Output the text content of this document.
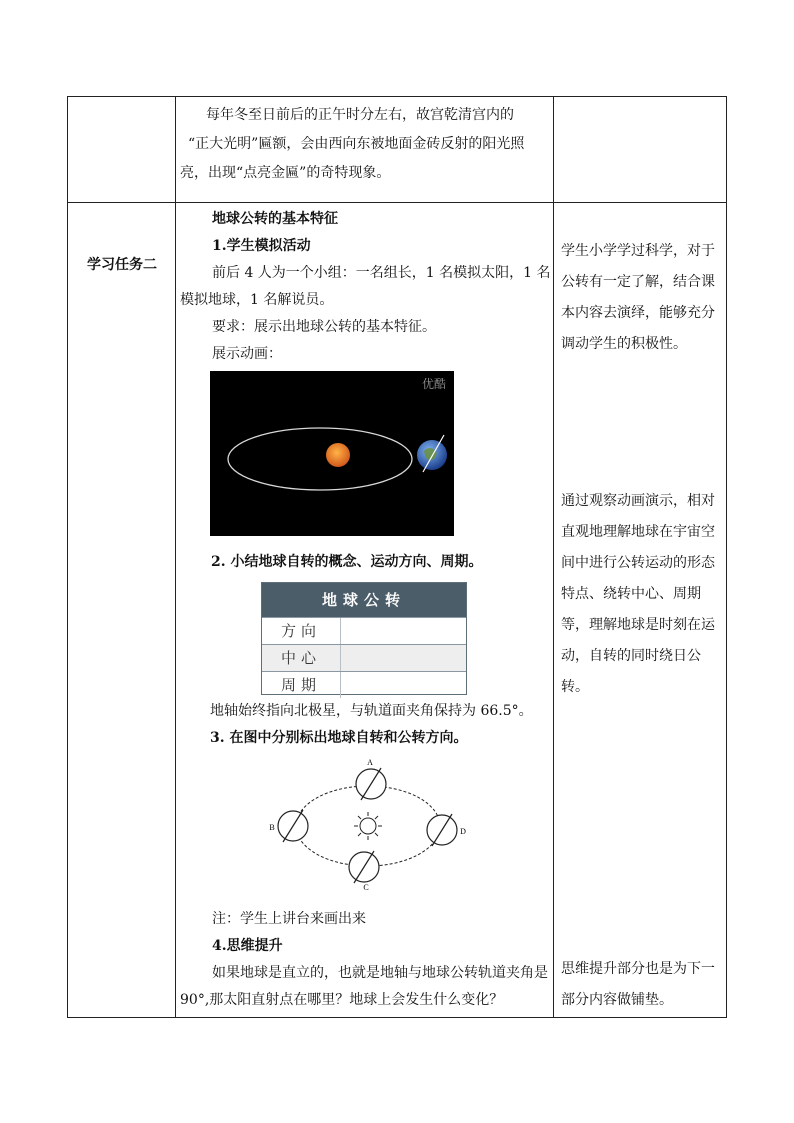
每年冬至日前后的正午时分左右，故宫乾清宫内的
“正大光明”匾额，会由西向东被地面金砖反射的阳光照
亮，出现“点亮金匾”的奇特现象。
学习任务二
地球公转的基本特征
1.学生模拟活动
前后 4 人为一个小组：一名组长，1 名模拟太阳，1 名
模拟地球，1 名解说员。
要求：展示出地球公转的基本特征。
展示动画：
优酷
2. 小结地球自转的概念、运动方向、周期。
地球公转
方向
中心
周期
地轴始终指向北极星，与轨道面夹角保持为 66.5°。
3. 在图中分别标出地球自转和公转方向。
A
B
C
D
注：学生上讲台来画出来
4.思维提升
如果地球是直立的，也就是地轴与地球公转轨道夹角是
90°,那太阳直射点在哪里？地球上会发生什么变化？
学生小学学过科学，对于
公转有一定了解，结合课
本内容去演绎，能够充分
调动学生的积极性。
通过观察动画演示，相对
直观地理解地球在宇宙空
间中进行公转运动的形态
特点、绕转中心、周期
等，理解地球是时刻在运
动，自转的同时绕日公
转。
思维提升部分也是为下一
部分内容做铺垫。
